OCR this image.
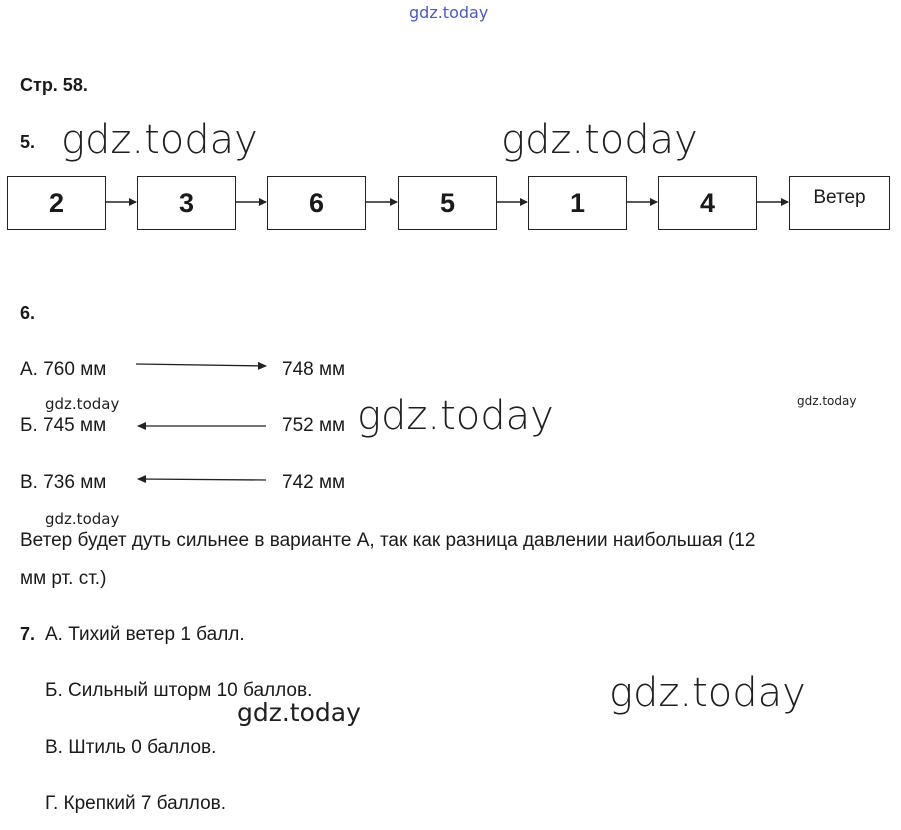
gdz.today
gdz.today	gdz.today
gdz.today
gdz.today
gdz.today	gdz.today
gdz.today
gdz.today
Стр. 58.
5.
2	3	6	5	1	4	Ветер
6.
А. 760 мм	748 мм
Б. 745 мм	752 мм
В. 736 мм	742 мм
Ветер будет дуть сильнее в варианте А, так как разница давлении наибольшая (12
мм рт. ст.)
7. А. Тихий ветер 1 балл.
Б. Сильный шторм 10 баллов.
В. Штиль 0 баллов.
Г. Крепкий 7 баллов.
